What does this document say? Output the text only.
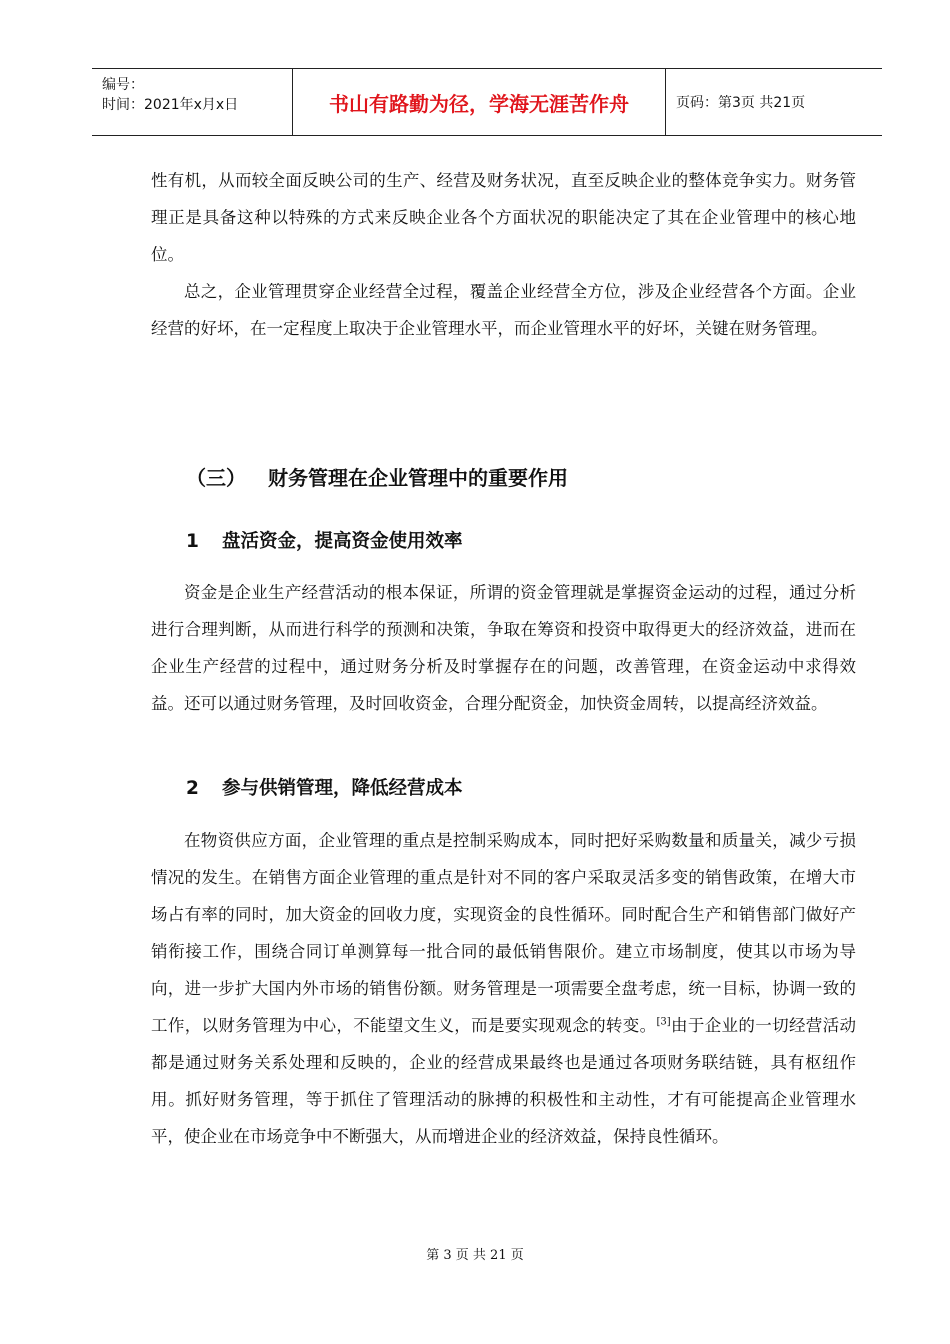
编号：
时间：2021年x月x日	书山有路勤为径，学海无涯苦作舟	页码：第3页 共21页

性有机，从而较全面反映公司的生产、经营及财务状况，直至反映企业的整体竞争实力。财务管理正是具备这种以特殊的方式来反映企业各个方面状况的职能决定了其在企业管理中的核心地位。

总之，企业管理贯穿企业经营全过程，覆盖企业经营全方位，涉及企业经营各个方面。企业经营的好坏，在一定程度上取决于企业管理水平，而企业管理水平的好坏，关键在财务管理。

（三） 财务管理在企业管理中的重要作用
1 盘活资金，提高资金使用效率

资金是企业生产经营活动的根本保证，所谓的资金管理就是掌握资金运动的过程，通过分析进行合理判断，从而进行科学的预测和决策，争取在筹资和投资中取得更大的经济效益，进而在企业生产经营的过程中，通过财务分析及时掌握存在的问题，改善管理，在资金运动中求得效益。还可以通过财务管理，及时回收资金，合理分配资金，加快资金周转，以提高经济效益。

2 参与供销管理，降低经营成本

在物资供应方面，企业管理的重点是控制采购成本，同时把好采购数量和质量关，减少亏损情况的发生。在销售方面企业管理的重点是针对不同的客户采取灵活多变的销售政策，在增大市场占有率的同时，加大资金的回收力度，实现资金的良性循环。同时配合生产和销售部门做好产销衔接工作，围绕合同订单测算每一批合同的最低销售限价。建立市场制度，使其以市场为导向，进一步扩大国内外市场的销售份额。财务管理是一项需要全盘考虑，统一目标，协调一致的工作，以财务管理为中心，不能望文生义，而是要实现观念的转变。[3]由于企业的一切经营活动都是通过财务关系处理和反映的，企业的经营成果最终也是通过各项财务联结链，具有枢纽作用。抓好财务管理，等于抓住了管理活动的脉搏的积极性和主动性，才有可能提高企业管理水平，使企业在市场竞争中不断强大，从而增进企业的经济效益，保持良性循环。

第 3 页 共 21 页
